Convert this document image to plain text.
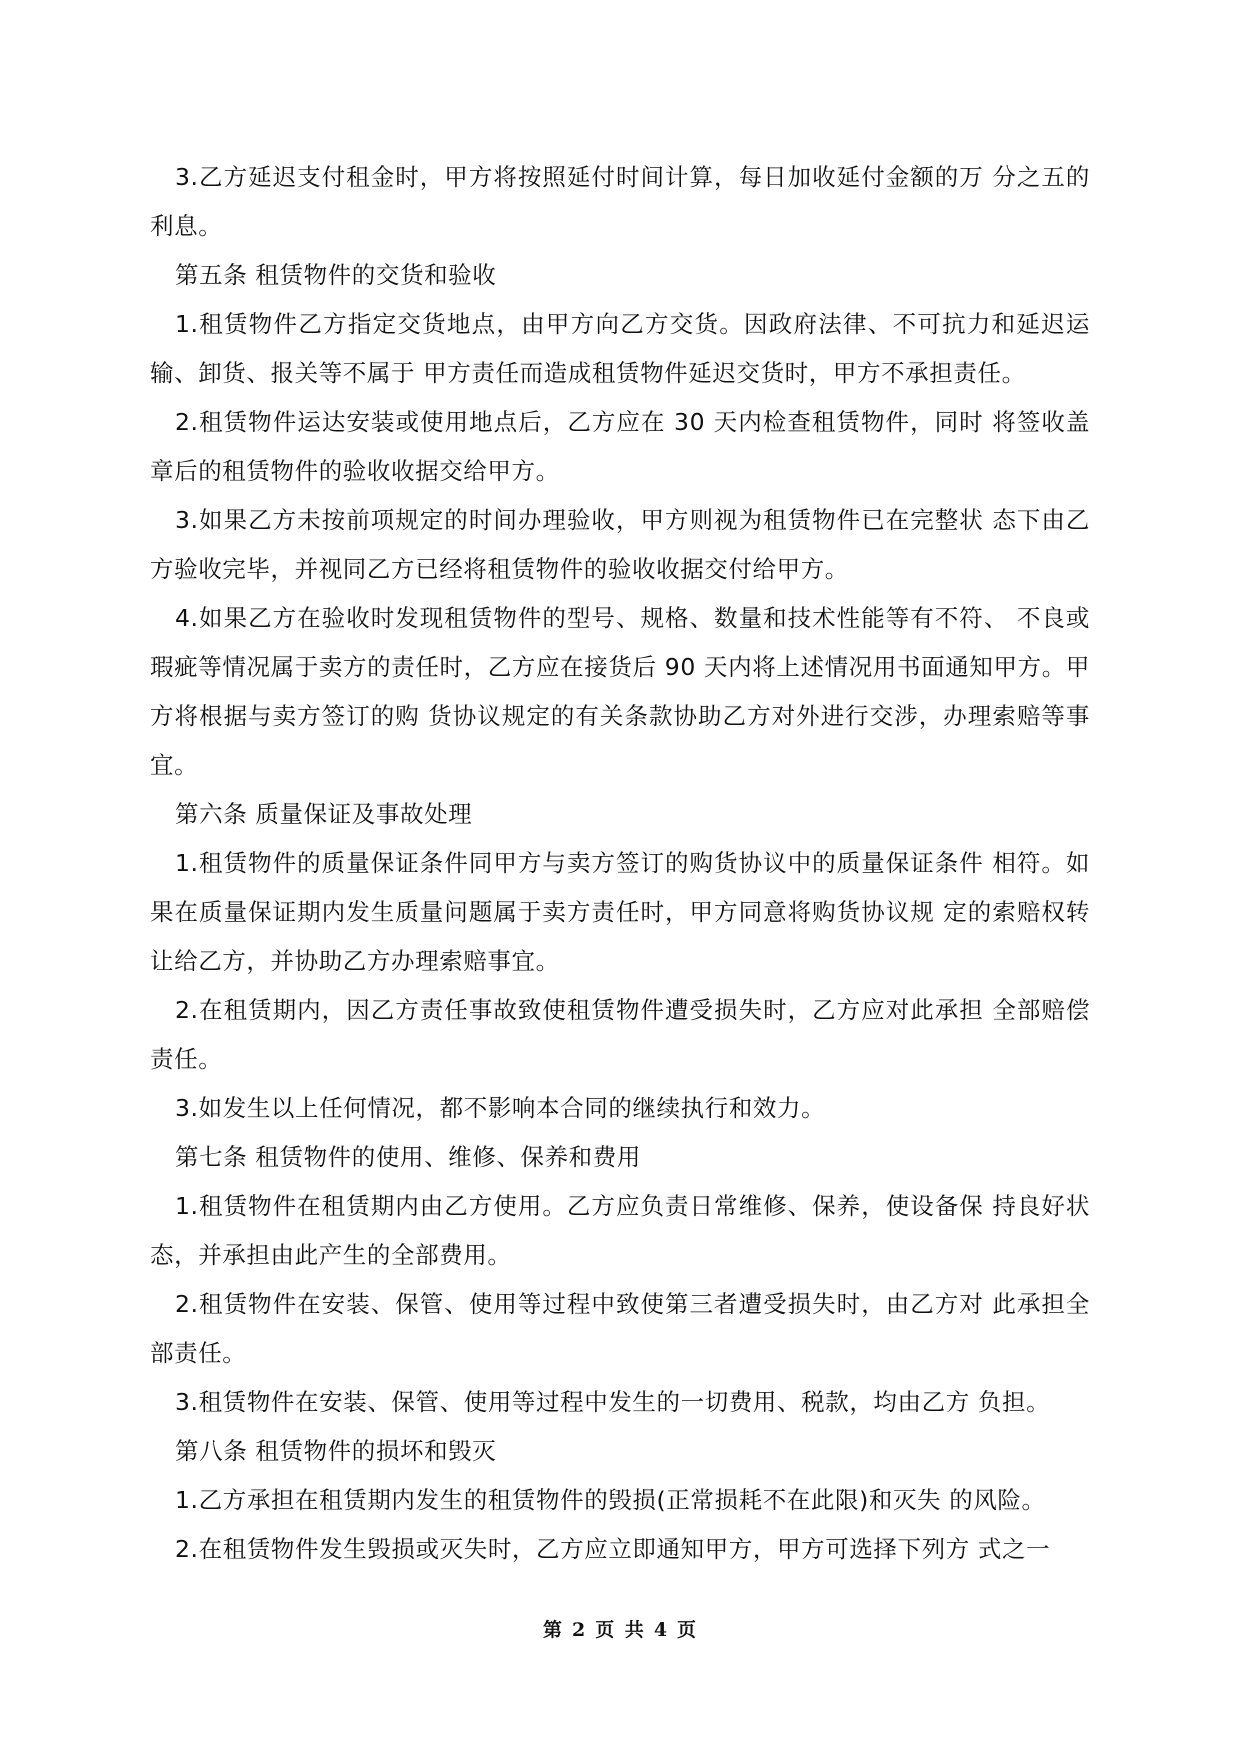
3.乙方延迟支付租金时，甲方将按照延付时间计算，每日加收延付金额的万 分之五的利息。

第五条 租赁物件的交货和验收

1.租赁物件乙方指定交货地点，由甲方向乙方交货。因政府法律、不可抗力和延迟运输、卸货、报关等不属于 甲方责任而造成租赁物件延迟交货时，甲方不承担责任。

2.租赁物件运达安装或使用地点后，乙方应在 30 天内检查租赁物件，同时 将签收盖章后的租赁物件的验收收据交给甲方。

3.如果乙方未按前项规定的时间办理验收，甲方则视为租赁物件已在完整状 态下由乙方验收完毕，并视同乙方已经将租赁物件的验收收据交付给甲方。

4.如果乙方在验收时发现租赁物件的型号、规格、数量和技术性能等有不符、 不良或瑕疵等情况属于卖方的责任时，乙方应在接货后 90 天内将上述情况用书面通知甲方。甲方将根据与卖方签订的购 货协议规定的有关条款协助乙方对外进行交涉，办理索赔等事宜。

第六条 质量保证及事故处理

1.租赁物件的质量保证条件同甲方与卖方签订的购货协议中的质量保证条件 相符。如果在质量保证期内发生质量问题属于卖方责任时，甲方同意将购货协议规 定的索赔权转让给乙方，并协助乙方办理索赔事宜。

2.在租赁期内，因乙方责任事故致使租赁物件遭受损失时，乙方应对此承担 全部赔偿责任。

3.如发生以上任何情况，都不影响本合同的继续执行和效力。

第七条 租赁物件的使用、维修、保养和费用

1.租赁物件在租赁期内由乙方使用。乙方应负责日常维修、保养，使设备保 持良好状态，并承担由此产生的全部费用。

2.租赁物件在安装、保管、使用等过程中致使第三者遭受损失时，由乙方对 此承担全部责任。

3.租赁物件在安装、保管、使用等过程中发生的一切费用、税款，均由乙方 负担。

第八条 租赁物件的损坏和毁灭

1.乙方承担在租赁期内发生的租赁物件的毁损(正常损耗不在此限)和灭失 的风险。

2.在租赁物件发生毁损或灭失时，乙方应立即通知甲方，甲方可选择下列方 式之一

第 2 页 共 4 页
